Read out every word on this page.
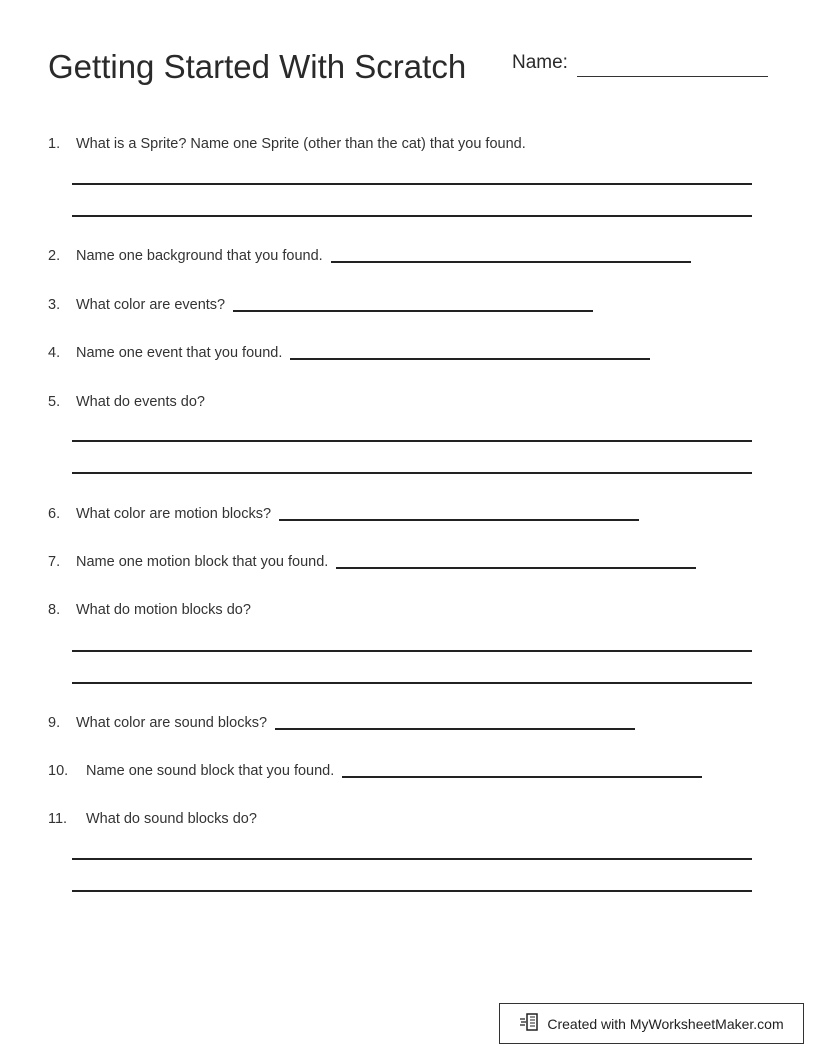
Getting Started With Scratch Name:
1.	What is a Sprite? Name one Sprite (other than the cat) that you found.
2.	Name one background that you found.
3.	What color are events?
4.	Name one event that you found.
5.	What do events do?
6.	What color are motion blocks?
7.	Name one motion block that you found.
8.	What do motion blocks do?
9.	What color are sound blocks?
10.	Name one sound block that you found.
11.	What do sound blocks do?
Created with MyWorksheetMaker.com
